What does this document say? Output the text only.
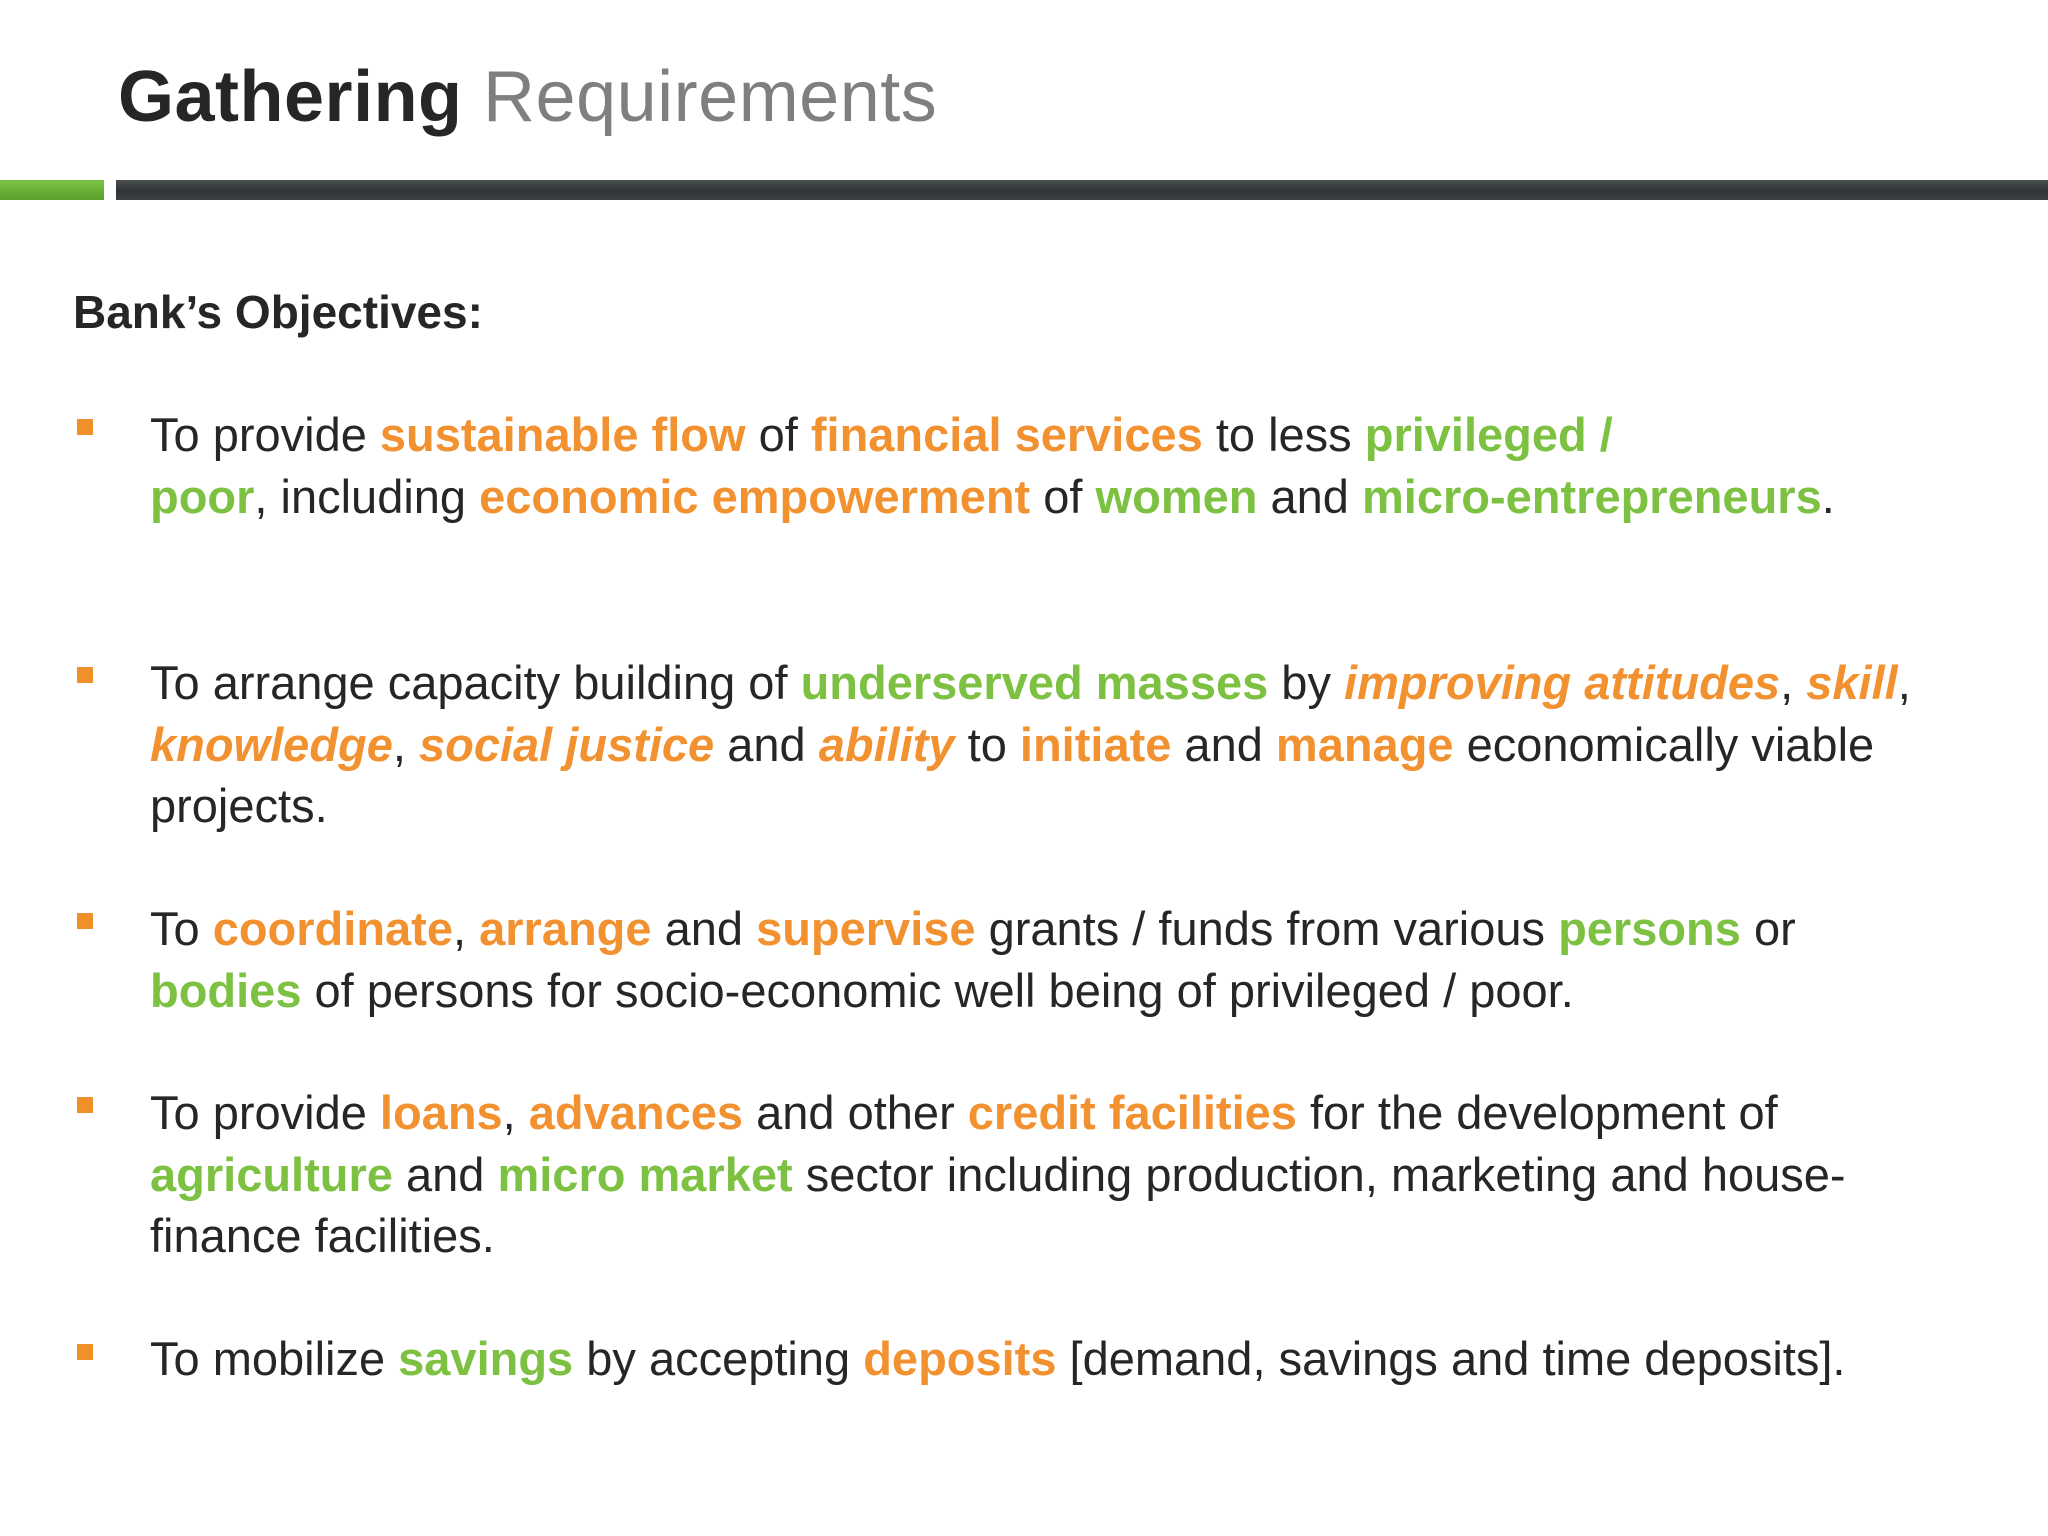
Gathering Requirements
Bank’s Objectives:

To provide sustainable flow of financial services to less privileged /
poor, including economic empowerment of women and micro-entrepreneurs.

To arrange capacity building of underserved masses by improving attitudes, skill, knowledge, social justice and ability to initiate and manage economically viable projects.

To coordinate, arrange and supervise grants / funds from various persons or bodies of persons for socio-economic well being of privileged / poor.

To provide loans, advances and other credit facilities for the development of agriculture and micro market sector including production, marketing and house-finance facilities.

To mobilize savings by accepting deposits [demand, savings and time deposits].
